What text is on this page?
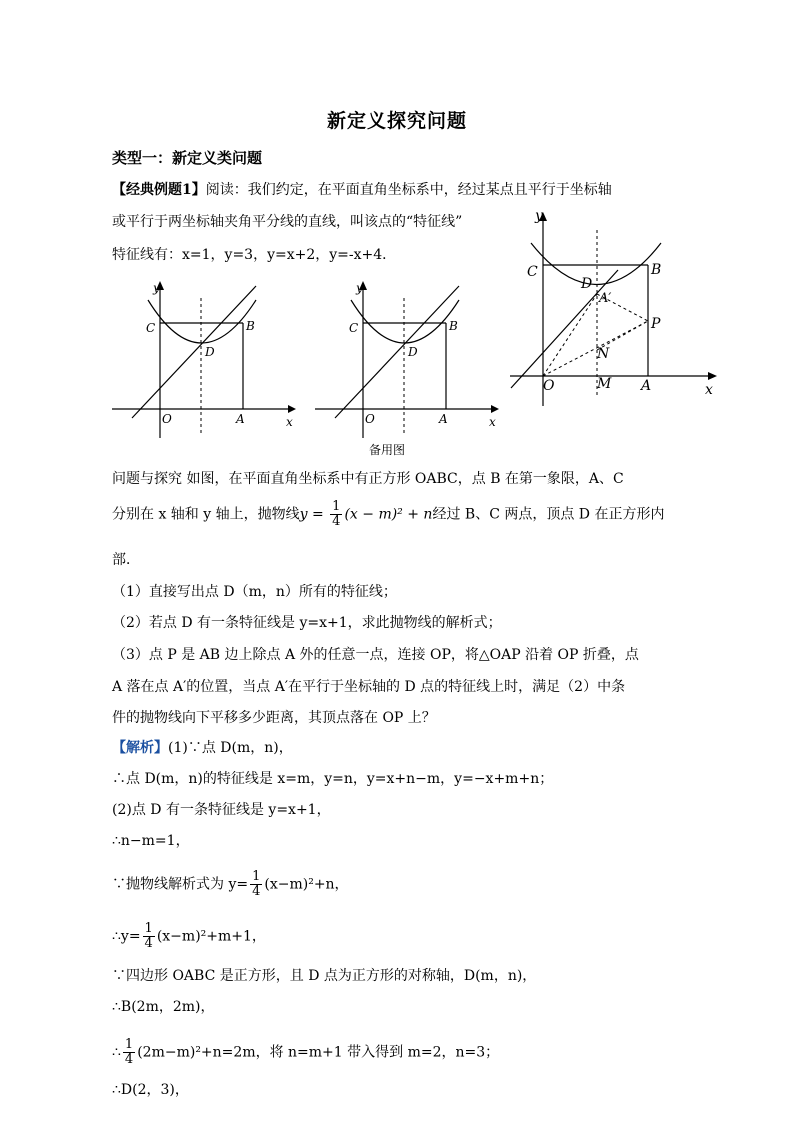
新定义探究问题
类型一：新定义类问题
【经典例题1】阅读：我们约定，在平面直角坐标系中，经过某点且平行于坐标轴
或平行于两坐标轴夹角平分线的直线，叫该点的“特征线”
特征线有：x=1，y=3，y=x+2，y=-x+4．
y
x
O	A
B
C
D
y
x
O	A
B
C
D
备用图
y
x
O	M A
B
C
D
A′
P
N
问题与探究 如图，在平面直角坐标系中有正方形 OABC，点 B 在第一象限，A、C
分别在 x 轴和 y 轴上，抛物线$y = \frac{1}{4} (x - m)^2 + n$经过 B、C 两点，顶点 D 在正方形内
部．
（1）直接写出点 D（m，n）所有的特征线；
（2）若点 D 有一条特征线是 y=x+1，求此抛物线的解析式；
（3）点 P 是 AB 边上除点 A 外的任意一点，连接 OP，将△OAP 沿着 OP 折叠，点
A 落在点 A′的位置，当点 A′在平行于坐标轴的 D 点的特征线上时，满足（2）中条
件的抛物线向下平移多少距离，其顶点落在 OP 上？
【解析】(1)∵点 D(m，n)，
∴点 D(m，n)的特征线是 x=m，y=n，y=x+n−m，y=−x+m+n；
(2)点 D 有一条特征线是 y=x+1，
∴n−m=1，
∵抛物线解析式为 $y= \frac{1}{4} (x-m)^2+n$，
∴y= $\frac{1}{4} (x-m)^2+m+1$，
∵四边形 OABC 是正方形，且 D 点为正方形的对称轴，D(m，n)，
∴B(2m，2m)，
∴ $\frac{1}{4} (2m-m)^2+n=2m$，将 n=m+1 带入得到 m=2，n=3；
∴D(2，3)，
